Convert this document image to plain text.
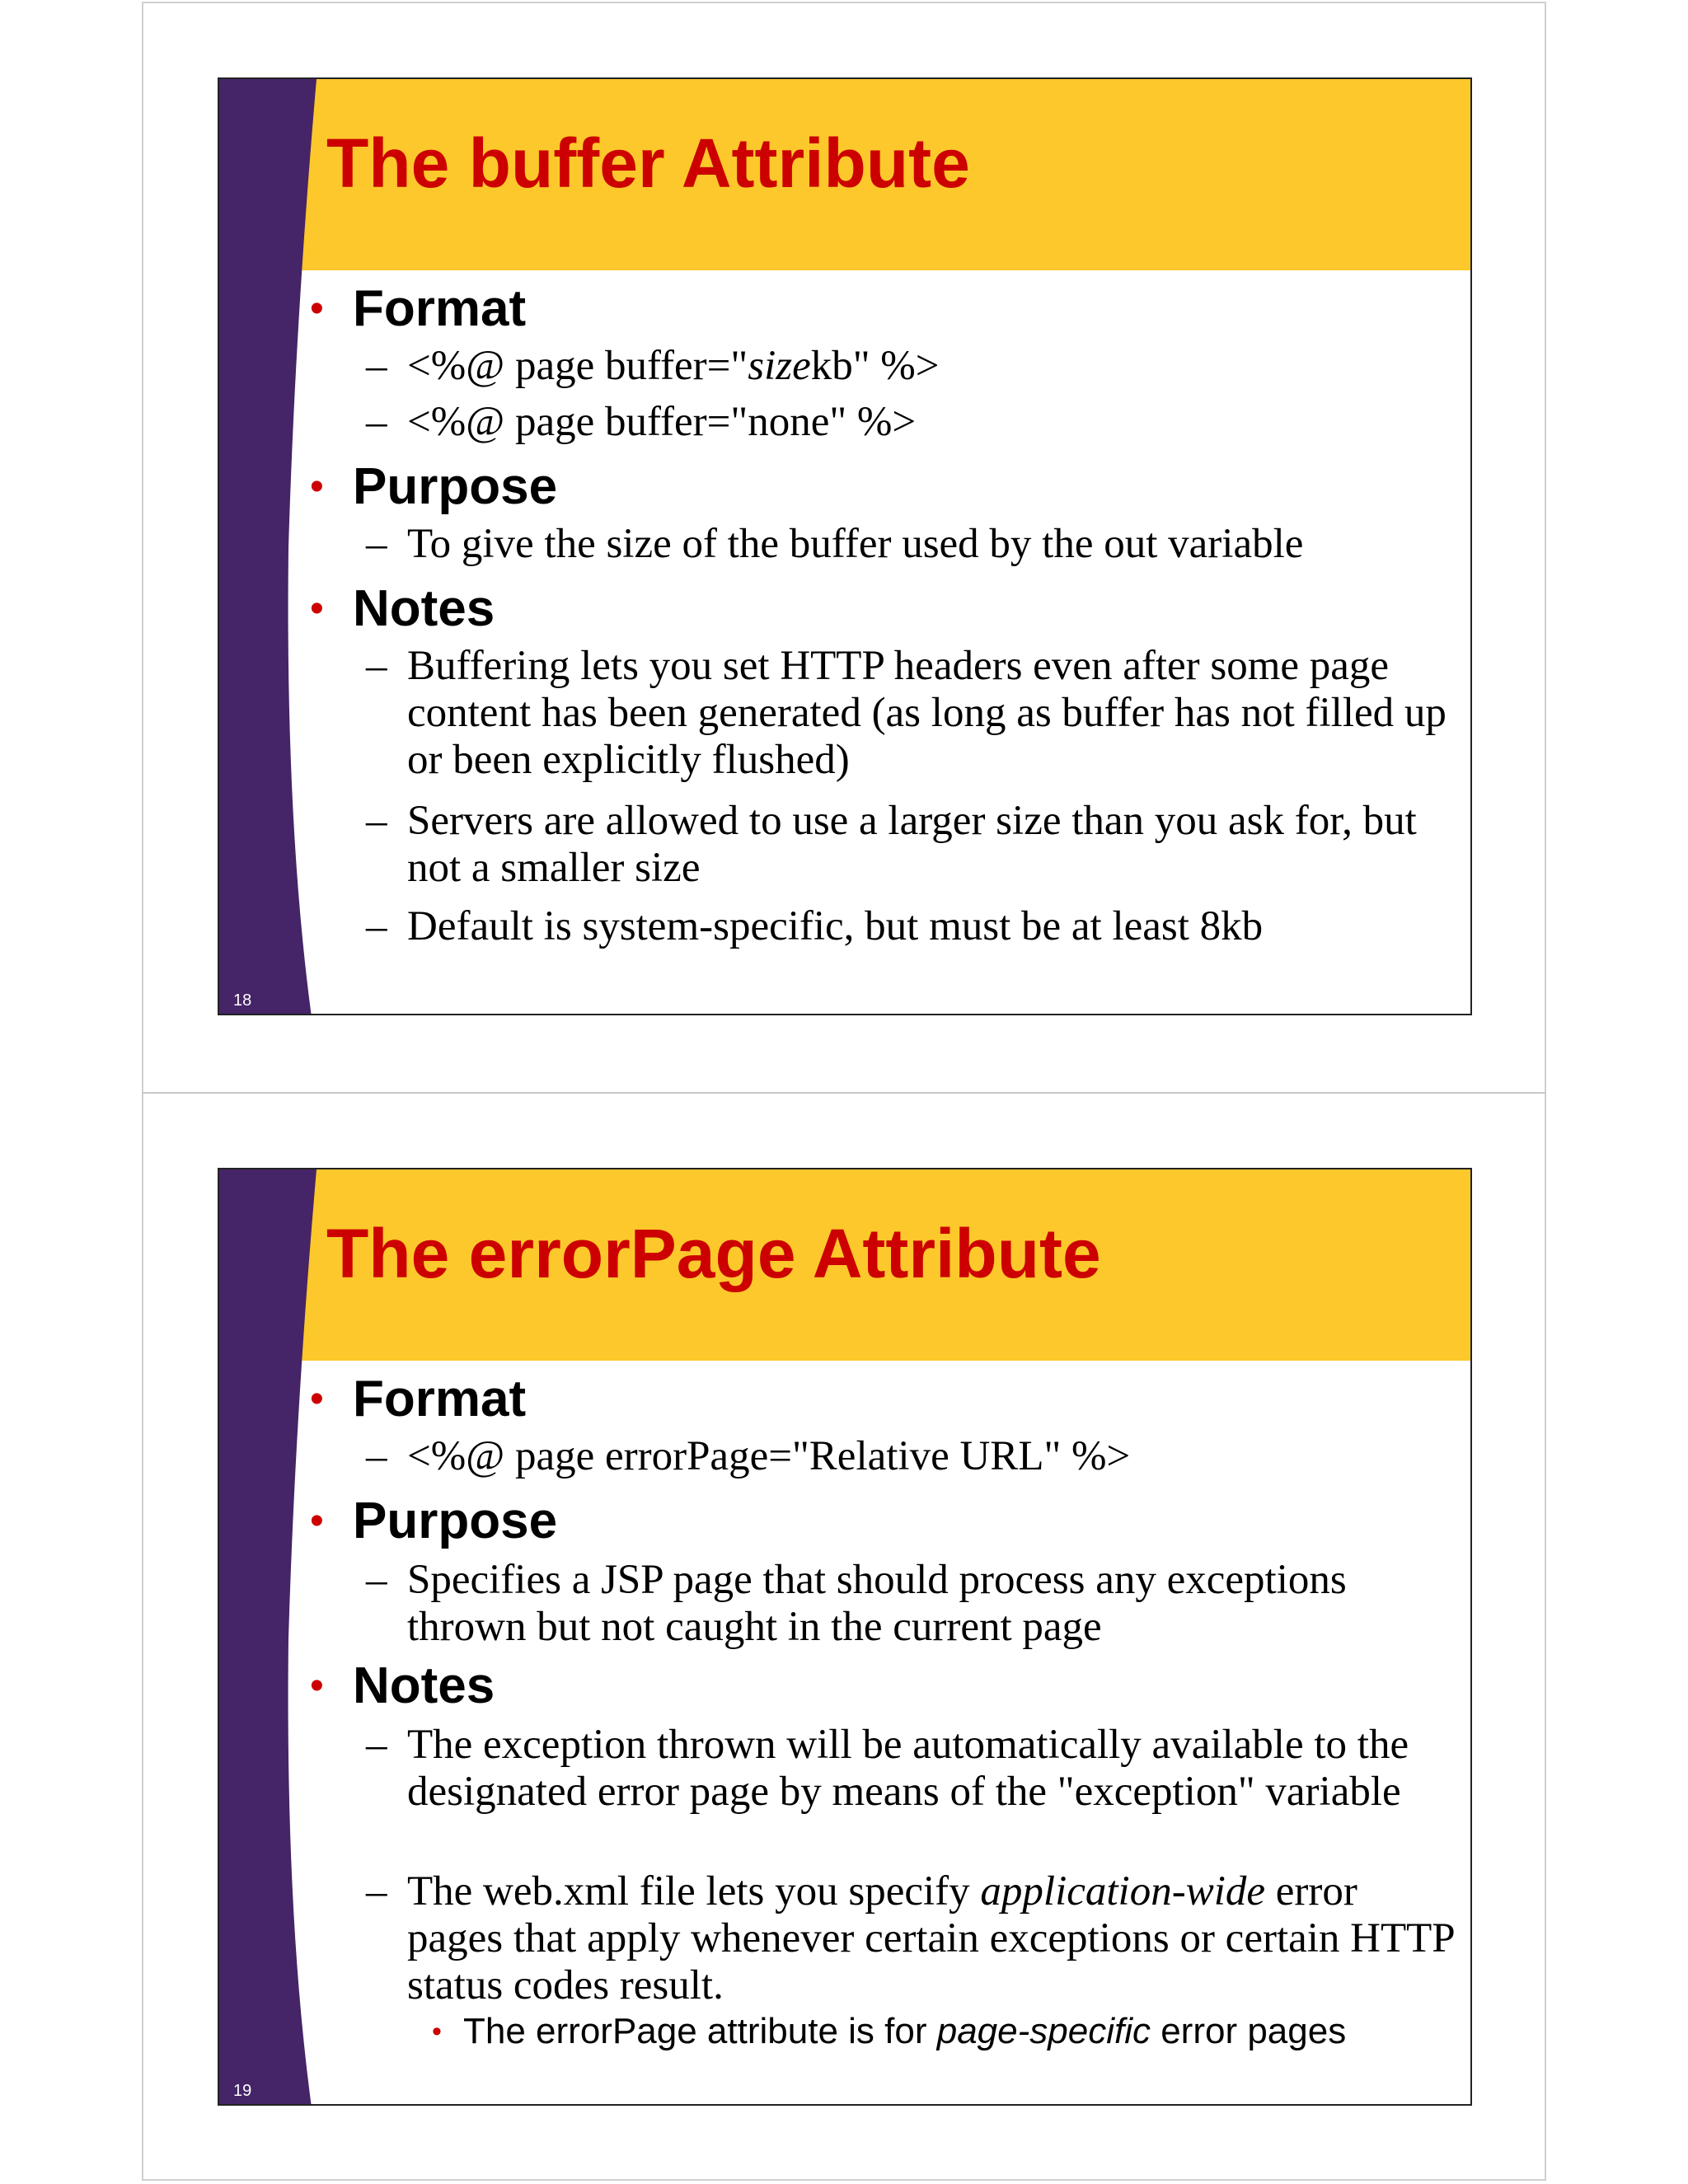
The buffer Attribute
• Format
– <%@ page buffer="sizekb" %>
– <%@ page buffer="none" %>
• Purpose
– To give the size of the buffer used by the out variable
• Notes
– Buffering lets you set HTTP headers even after some page content has been generated (as long as buffer has not filled up or been explicitly flushed)
– Servers are allowed to use a larger size than you ask for, but not a smaller size
– Default is system-specific, but must be at least 8kb
18
The errorPage Attribute
• Format
– <%@ page errorPage="Relative URL" %>
• Purpose
– Specifies a JSP page that should process any exceptions thrown but not caught in the current page
• Notes
– The exception thrown will be automatically available to the designated error page by means of the "exception" variable
– The web.xml file lets you specify application-wide error pages that apply whenever certain exceptions or certain HTTP status codes result.
• The errorPage attribute is for page-specific error pages
19
